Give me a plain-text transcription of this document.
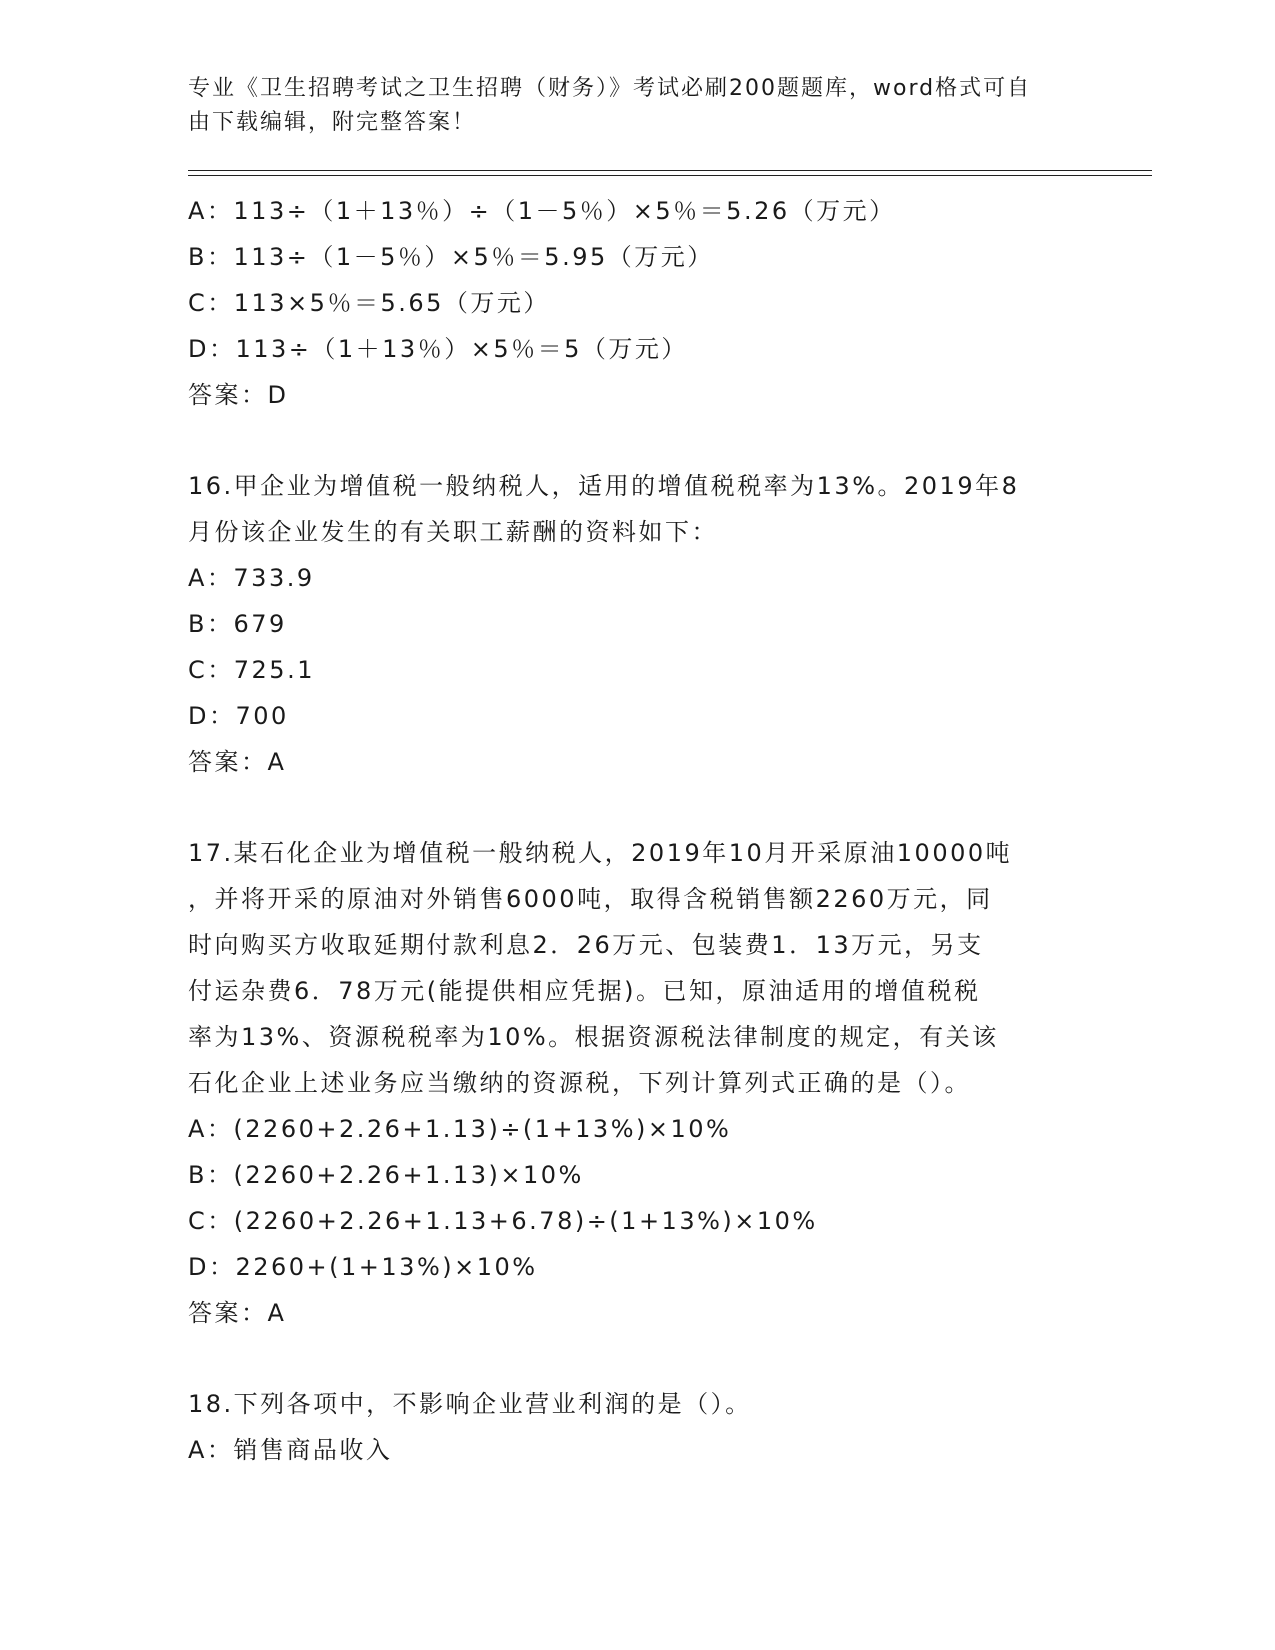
专业《卫生招聘考试之卫生招聘（财务）》考试必刷200题题库，word格式可自
由下载编辑，附完整答案！
A：113÷（1＋13％）÷（1－5％）×5％＝5.26（万元）
B：113÷（1－5％）×5％＝5.95（万元）
C：113×5％＝5.65（万元）
D：113÷（1＋13％）×5％＝5（万元）
答案：D
16.甲企业为增值税一般纳税人，适用的增值税税率为13%。2019年8
月份该企业发生的有关职工薪酬的资料如下：
A：733.9
B：679
C：725.1
D：700
答案：A
17.某石化企业为增值税一般纳税人，2019年10月开采原油10000吨
，并将开采的原油对外销售6000吨，取得含税销售额2260万元，同
时向购买方收取延期付款利息2．26万元、包装费1．13万元，另支
付运杂费6．78万元(能提供相应凭据)。已知，原油适用的增值税税
率为13%、资源税税率为10%。根据资源税法律制度的规定，有关该
石化企业上述业务应当缴纳的资源税，下列计算列式正确的是（）。
A：(2260+2.26+1.13)÷(1+13%)×10%
B：(2260+2.26+1.13)×10%
C：(2260+2.26+1.13+6.78)÷(1+13%)×10%
D：2260+(1+13%)×10%
答案：A
18.下列各项中，不影响企业营业利润的是（）。
A：销售商品收入
